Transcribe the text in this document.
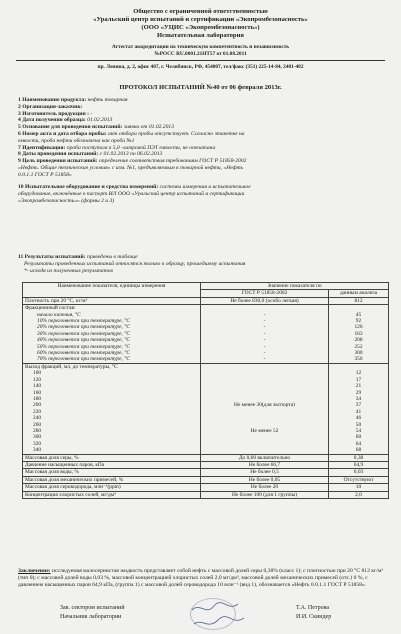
Общество с ограниченной ответственностью
«Уральский центр испытаний и сертификации «Экопромбезопасность»
(ООО «УЦИС «Экопромбезопасность»)
Испытательная лаборатория
Аттестат аккредитации на техническую компетентность и независимость
№РОСС RU.0001.21НТ57 от 01.08.2011
пр. Ленина, д. 2, офис 407, г. Челябинск, РФ, 454007, тел/факс (351) 225-14-84, 2481-482
ПРОТОКОЛ ИСПЫТАНИЙ №40 от 06 февраля 2013г.
1 Наименование продукта: нефть товарная
2 Организация-заказчик:
3 Изготовитель продукции : -
4 Дата получения образца: 01.02.2013
5 Основание для проведения испытаний: заявка от 01.02.2013
6 Номер акта и дата отбора пробы: акт отбора пробы отсутствует. Согласно этикетке на
емкости, проба нефти обозначена как проба №1
7 Идентификация: проба поступила в 5,0 -литровой ПЭТ емкости, не опечатана
8 Даты проведения испытаний: с 01.02.2013 по 06.02.2013
9 Цель проведения испытаний: определение соответствия требованиям ГОСТ Р 51858-2002
«Нефть. Общие технические условия» с изм. №1, предъявляемым к товарной нефти, «Нефть
0.0.1.1 ГОСТ Р 51858»
10 Испытательное оборудование и средства измерений: системы измерения и испытательное
оборудование, включённые в паспорт ИЛ ООО «Уральский центр испытаний и сертификации
«Экопромбезопасность»» (формы 2 и 3)
11 Результаты испытаний: приведены в таблице
Результаты проведенных испытаний относятся только к образцу, прошедшему испытания
*- исходя из полученных результатов
Наименование показателя, единицы измерения	Значение показателя по	
	ГОСТ Р 51858-2002	данным анализа
Плотность при 20 °С, кг/м³	Не более 830,0 (особо легкая)	812
Фракционный состав:		
начало кипения, °С	-	45
10% перегоняется при температуре, °С	-	92
20% перегоняется при температуре, °С	-	126
30% перегоняется при температуре, °С	-	163
40% перегоняется при температуре, °С	-	208
50% перегоняется при температуре, °С	-	252
60% перегоняется при температуре, °С	-	300
70% перегоняется при температуре, °С	-	356
Выход фракций, мл, до температуры, °С		
100		12
120		17
140		21
160		29
180		34
200	Не менее 30(для экспорта)	37
220		41
240		46
260		50
280	Не менее 52	54
300		60
320		64
340		68
Массовая доля серы, %	До 0,60 включительно	0,38
Давление насыщенных паров, кПа	Не более 66,7	64,9
Массовая доля воды, %	Не более 0,5	0,03
Массовая доля механических примесей, %	Не более 0,05	Отсутствуют
Массовая доля сероводорода, млн⁻¹(ppm)	Не более 20	10
Концентрация хлористых солей, мг/дм³	Не более 100 (для 1 группы)	2,0
Заключение: исследуемая малосернистая жидкость представляет собой нефть с массовой долей серы 0,38% (класс 1); с плотностью при 20 °С 812 кг/м³ (тип 0); с массовой долей воды 0,03 %, массовой концентрацией хлористых солей 2,0 мг/дм³, массовой долей механических примесей (отс.) 0 %, с давлением насыщенных паров 64,9 кПа, (группа 1) с массовой долей сероводорода 10 млн⁻¹ (вид 1), обозначается «Нефть 0.0.1.1 ГОСТ Р 51858».
Зав. сектором испытаний	Т.А. Петрова
Начальник лаборатории	И.И. Скиндер
